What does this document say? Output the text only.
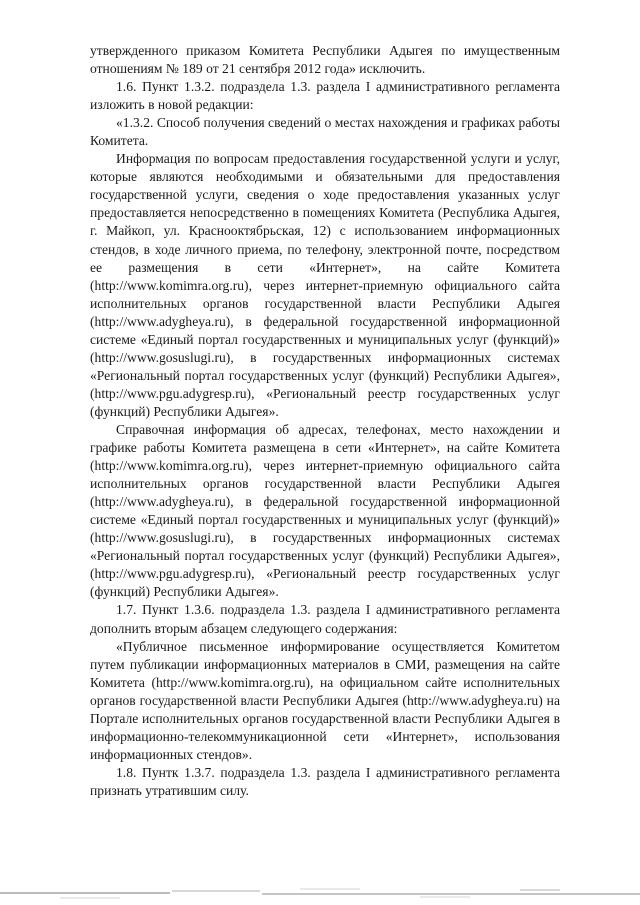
утвержденного приказом Комитета Республики Адыгея по имущественным отношениям № 189 от 21 сентября 2012 года» исключить.

1.6. Пункт 1.3.2. подраздела 1.3. раздела I административного регламента изложить в новой редакции:

«1.3.2. Способ получения сведений о местах нахождения и графиках работы Комитета.

Информация по вопросам предоставления государственной услуги и услуг, которые являются необходимыми и обязательными для предоставления государственной услуги, сведения о ходе предоставления указанных услуг предоставляется непосредственно в помещениях Комитета (Республика Адыгея, г. Майкоп, ул. Краснооктябрьская, 12) с использованием информационных стендов, в ходе личного приема, по телефону, электронной почте, посредством ее размещения в сети «Интернет», на сайте Комитета (http://www.komimra.org.ru), через интернет-приемную официального сайта исполнительных органов государственной власти Республики Адыгея (http://www.adygheya.ru), в федеральной государственной информационной системе «Единый портал государственных и муниципальных услуг (функций)» (http://www.gosuslugi.ru), в государственных информационных системах «Региональный портал государственных услуг (функций) Республики Адыгея», (http://www.pgu.adygresp.ru), «Региональный реестр государственных услуг (функций) Республики Адыгея».

Справочная информация об адресах, телефонах, место нахождении и графике работы Комитета размещена в сети «Интернет», на сайте Комитета (http://www.komimra.org.ru), через интернет-приемную официального сайта исполнительных органов государственной власти Республики Адыгея (http://www.adygheya.ru), в федеральной государственной информационной системе «Единый портал государственных и муниципальных услуг (функций)» (http://www.gosuslugi.ru), в государственных информационных системах «Региональный портал государственных услуг (функций) Республики Адыгея», (http://www.pgu.adygresp.ru), «Региональный реестр государственных услуг (функций) Республики Адыгея».

1.7. Пункт 1.3.6. подраздела 1.3. раздела I административного регламента дополнить вторым абзацем следующего содержания:

«Публичное письменное информирование осуществляется Комитетом путем публикации информационных материалов в СМИ, размещения на сайте Комитета (http://www.komimra.org.ru), на официальном сайте исполнительных органов государственной власти Республики Адыгея (http://www.adygheya.ru) на Портале исполнительных органов государственной власти Республики Адыгея в информационно-телекоммуникационной сети «Интернет», использования информационных стендов».

1.8. Пунтк 1.3.7. подраздела 1.3. раздела I административного регламента признать утратившим силу.
